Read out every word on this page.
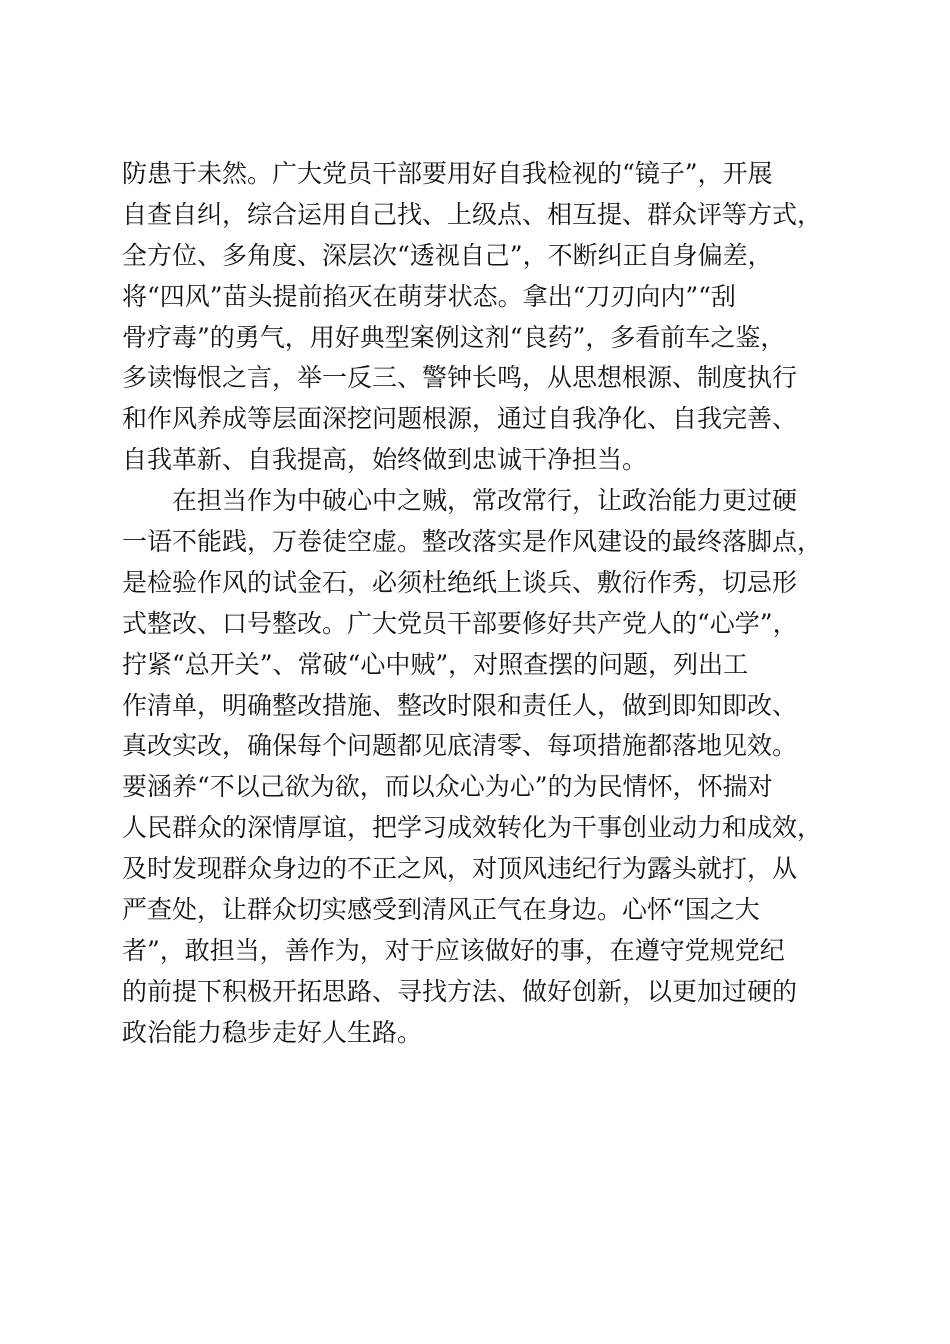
防患于未然。广大党员干部要用好自我检视的“镜子”，开展
自查自纠，综合运用自己找、上级点、相互提、群众评等方式，
全方位、多角度、深层次“透视自己”，不断纠正自身偏差，
将“四风”苗头提前掐灭在萌芽状态。拿出“刀刃向内”“刮
骨疗毒”的勇气，用好典型案例这剂“良药”，多看前车之鉴，
多读悔恨之言，举一反三、警钟长鸣，从思想根源、制度执行
和作风养成等层面深挖问题根源，通过自我净化、自我完善、
自我革新、自我提高，始终做到忠诚干净担当。
在担当作为中破心中之贼，常改常行，让政治能力更过硬
一语不能践，万卷徒空虚。整改落实是作风建设的最终落脚点，
是检验作风的试金石，必须杜绝纸上谈兵、敷衍作秀，切忌形
式整改、口号整改。广大党员干部要修好共产党人的“心学”，
拧紧“总开关”、常破“心中贼”，对照查摆的问题，列出工
作清单，明确整改措施、整改时限和责任人，做到即知即改、
真改实改，确保每个问题都见底清零、每项措施都落地见效。
要涵养“不以己欲为欲，而以众心为心”的为民情怀，怀揣对
人民群众的深情厚谊，把学习成效转化为干事创业动力和成效，
及时发现群众身边的不正之风，对顶风违纪行为露头就打，从
严查处，让群众切实感受到清风正气在身边。心怀“国之大
者”，敢担当，善作为，对于应该做好的事，在遵守党规党纪
的前提下积极开拓思路、寻找方法、做好创新，以更加过硬的
政治能力稳步走好人生路。
